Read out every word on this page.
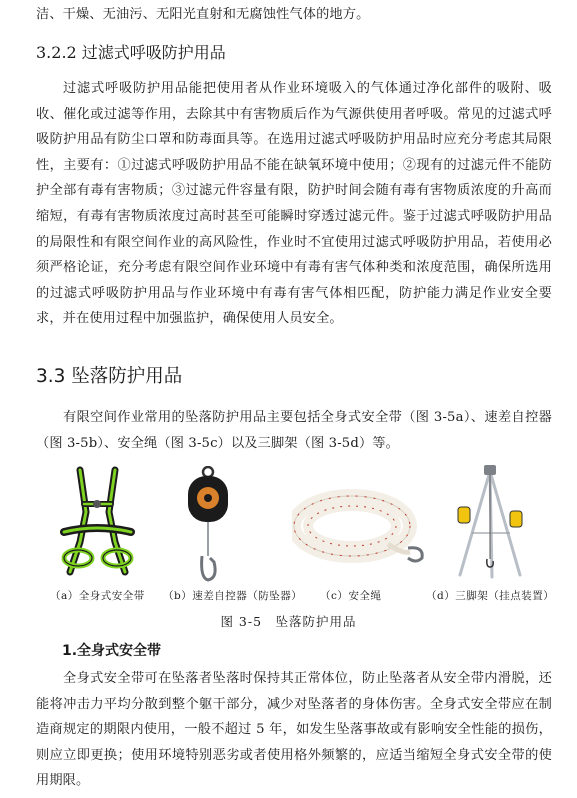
洁、干燥、无油污、无阳光直射和无腐蚀性气体的地方。

3.2.2 过滤式呼吸防护用品

过滤式呼吸防护用品能把使用者从作业环境吸入的气体通过净化部件的吸附、吸收、催化或过滤等作用，去除其中有害物质后作为气源供使用者呼吸。常见的过滤式呼吸防护用品有防尘口罩和防毒面具等。在选用过滤式呼吸防护用品时应充分考虑其局限性，主要有：①过滤式呼吸防护用品不能在缺氧环境中使用；②现有的过滤元件不能防护全部有毒有害物质；③过滤元件容量有限，防护时间会随有毒有害物质浓度的升高而缩短，有毒有害物质浓度过高时甚至可能瞬时穿透过滤元件。鉴于过滤式呼吸防护用品的局限性和有限空间作业的高风险性，作业时不宜使用过滤式呼吸防护用品，若使用必须严格论证，充分考虑有限空间作业环境中有毒有害气体种类和浓度范围，确保所选用的过滤式呼吸防护用品与作业环境中有毒有害气体相匹配，防护能力满足作业安全要求，并在使用过程中加强监护，确保使用人员安全。

3.3 坠落防护用品

有限空间作业常用的坠落防护用品主要包括全身式安全带（图 3-5a）、速差自控器（图 3-5b）、安全绳（图 3-5c）以及三脚架（图 3-5d）等。

（a）全身式安全带 （b）速差自控器（防坠器） （c）安全绳	（d）三脚架（挂点装置）
图 3-5　坠落防护用品
1.全身式安全带

全身式安全带可在坠落者坠落时保持其正常体位，防止坠落者从安全带内滑脱，还能将冲击力平均分散到整个躯干部分，减少对坠落者的身体伤害。全身式安全带应在制造商规定的期限内使用，一般不超过 5 年，如发生坠落事故或有影响安全性能的损伤，则应立即更换；使用环境特别恶劣或者使用格外频繁的，应适当缩短全身式安全带的使用期限。
